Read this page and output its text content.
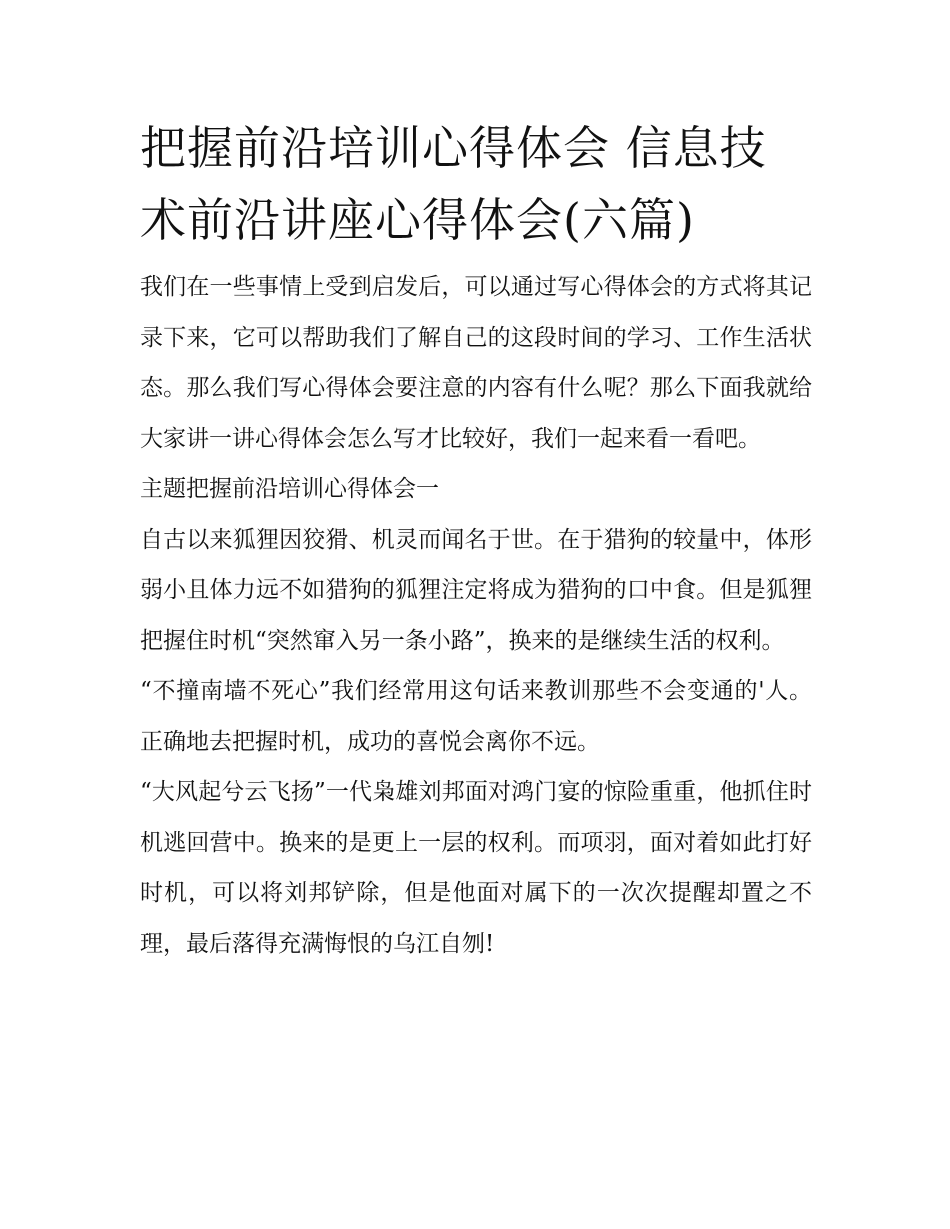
把握前沿培训心得体会 信息技术前沿讲座心得体会(六篇)

我们在一些事情上受到启发后，可以通过写心得体会的方式将其记录下来，它可以帮助我们了解自己的这段时间的学习、工作生活状态。那么我们写心得体会要注意的内容有什么呢？那么下面我就给大家讲一讲心得体会怎么写才比较好，我们一起来看一看吧。

主题把握前沿培训心得体会一

自古以来狐狸因狡猾、机灵而闻名于世。在于猎狗的较量中，体形弱小且体力远不如猎狗的狐狸注定将成为猎狗的口中食。但是狐狸把握住时机“突然窜入另一条小路”，换来的是继续生活的权利。

“不撞南墙不死心”我们经常用这句话来教训那些不会变通的'人。正确地去把握时机，成功的喜悦会离你不远。

“大风起兮云飞扬”一代枭雄刘邦面对鸿门宴的惊险重重，他抓住时机逃回营中。换来的是更上一层的权利。而项羽，面对着如此打好时机，可以将刘邦铲除，但是他面对属下的一次次提醒却置之不理，最后落得充满悔恨的乌江自刎!
